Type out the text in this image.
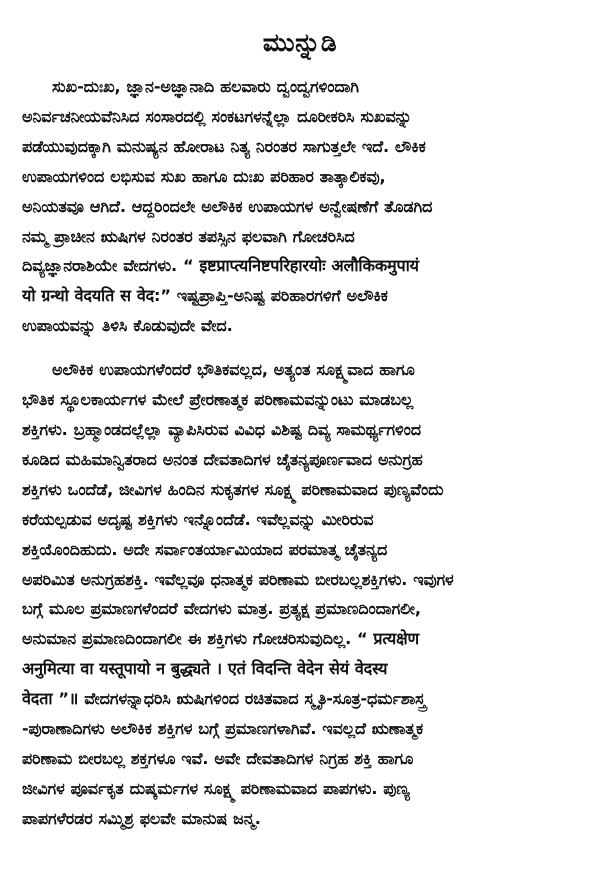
ಮುನ್ನುಡಿ
ಸುಖ-ದುಃಖ, ಜ್ಞಾನ-ಅಜ್ಞಾನಾದಿ ಹಲವಾರು ದ್ವಂದ್ವಗಳಿಂದಾಗಿ
ಅನಿರ್ವಚನೀಯವೆನಿಸಿದ ಸಂಸಾರದಲ್ಲಿ ಸಂಕಟಗಳನ್ನೆಲ್ಲಾ ದೂರೀಕರಿಸಿ ಸುಖವನ್ನು
ಪಡೆಯುವುದಕ್ಕಾಗಿ ಮನುಷ್ಯನ ಹೋರಾಟ ನಿತ್ಯ ನಿರಂತರ ಸಾಗುತ್ತಲೇ ಇದೆ. ಲೌಕಿಕ
ಉಪಾಯಗಳಿಂದ ಲಭಿಸುವ ಸುಖ ಹಾಗೂ ದುಃಖ ಪರಿಹಾರ ತಾತ್ಕಾಲಿಕವು,
ಅನಿಯತವೂ ಆಗಿದೆ. ಆದ್ದರಿಂದಲೇ ಅಲೌಕಿಕ ಉಪಾಯಗಳ ಅನ್ವೇಷಣೆಗೆ ತೊಡಗಿದ
ನಮ್ಮ ಪ್ರಾಚೀನ ಋಷಿಗಳ ನಿರಂತರ ತಪಸ್ಸಿನ ಫಲವಾಗಿ ಗೋಚರಿಸಿದ
ದಿವ್ಯಜ್ಞಾನರಾಶಿಯೇ ವೇದಗಳು. “ इष्टप्राप्त्यनिष्टपरिहारयोः अलौकिकमुपायं
यो ग्रन्थो वेदयति स वेद:” ಇಷ್ಟಪ್ರಾಪ್ತಿ-ಅನಿಷ್ಟ ಪರಿಹಾರಗಳಿಗೆ ಅಲೌಕಿಕ
ಉಪಾಯವನ್ನು ತಿಳಿಸಿ ಕೊಡುವುದೇ ವೇದ.
ಅಲೌಕಿಕ ಉಪಾಯಗಳೆಂದರೆ ಭೌತಿಕವಲ್ಲದ, ಅತ್ಯಂತ ಸೂಕ್ಷ್ಮವಾದ ಹಾಗೂ
ಭೌತಿಕ ಸ್ಥೂಲಕಾರ್ಯಗಳ ಮೇಲೆ ಪ್ರೇರಣಾತ್ಮಕ ಪರಿಣಾಮವನ್ನುಂಟು ಮಾಡಬಲ್ಲ
ಶಕ್ತಿಗಳು. ಬ್ರಹ್ಮಾಂಡದಲ್ಲೆಲ್ಲಾ ವ್ಯಾಪಿಸಿರುವ ವಿವಿಧ ವಿಶಿಷ್ಟ ದಿವ್ಯ ಸಾಮರ್ಥ್ಯಗಳಿಂದ
ಕೂಡಿದ ಮಹಿಮಾನ್ವಿತರಾದ ಅನಂತ ದೇವತಾದಿಗಳ ಚೈತನ್ಯಪೂರ್ಣವಾದ ಅನುಗ್ರಹ
ಶಕ್ತಿಗಳು ಒಂದೆಡೆ, ಜೀವಿಗಳ ಹಿಂದಿನ ಸುಕೃತಗಳ ಸೂಕ್ಷ್ಮ ಪರಿಣಾಮವಾದ ಪುಣ್ಯವೆಂದು
ಕರೆಯಲ್ಪಡುವ ಅದೃಷ್ಟ ಶಕ್ತಿಗಳು ಇನ್ನೊಂದೆಡೆ. ಇವೆಲ್ಲವನ್ನು ಮೀರಿರುವ
ಶಕ್ತಿಯೊಂದಿಹುದು. ಅದೇ ಸರ್ವಾಂತರ್ಯಾಮಿಯಾದ ಪರಮಾತ್ಮ ಚೈತನ್ಯದ
ಅಪರಿಮಿತ ಅನುಗ್ರಹಶಕ್ತಿ. ಇವೆಲ್ಲವೂ ಧನಾತ್ಮಕ ಪರಿಣಾಮ ಬೀರಬಲ್ಲಶಕ್ತಿಗಳು. ಇವುಗಳ
ಬಗ್ಗೆ ಮೂಲ ಪ್ರಮಾಣಗಳೆಂದರೆ ವೇದಗಳು ಮಾತ್ರ. ಪ್ರತ್ಯಕ್ಷ ಪ್ರಮಾಣದಿಂದಾಗಲೀ,
ಅನುಮಾನ ಪ್ರಮಾಣದಿಂದಾಗಲೀ ಈ ಶಕ್ತಿಗಳು ಗೋಚರಿಸುವುದಿಲ್ಲ. “ प्रत्यक्षेण
अनुमित्या वा यस्तूपायो न बुद्ध्यते । एतं विदन्ति वेदेन सेयं वेदस्य
वेदता ”॥ ವೇದಗಳನ್ನಾಧರಿಸಿ ಋಷಿಗಳಿಂದ ರಚಿತವಾದ ಸ್ಮೃತಿ-ಸೂತ್ರ-ಧರ್ಮಶಾಸ್ತ್ರ
-ಪುರಾಣಾದಿಗಳು ಅಲೌಕಿಕ ಶಕ್ತಿಗಳ ಬಗ್ಗೆ ಪ್ರಮಾಣಗಳಾಗಿವೆ. ಇವಲ್ಲದೆ ಋಣಾತ್ಮಕ
ಪರಿಣಾಮ ಬೀರಬಲ್ಲ ಶಕ್ತಗಳೂ ಇವೆ. ಅವೇ ದೇವತಾದಿಗಳ ನಿಗ್ರಹ ಶಕ್ತಿ ಹಾಗೂ
ಜೀವಿಗಳ ಪೂರ್ವಕೃತ ದುಷ್ಕರ್ಮಗಳ ಸೂಕ್ಷ್ಮ ಪರಿಣಾಮವಾದ ಪಾಪಗಳು. ಪುಣ್ಯ
ಪಾಪಗಳೆರಡರ ಸಮ್ಮಿಶ್ರ ಫಲವೇ ಮಾನುಷ ಜನ್ಮ.
